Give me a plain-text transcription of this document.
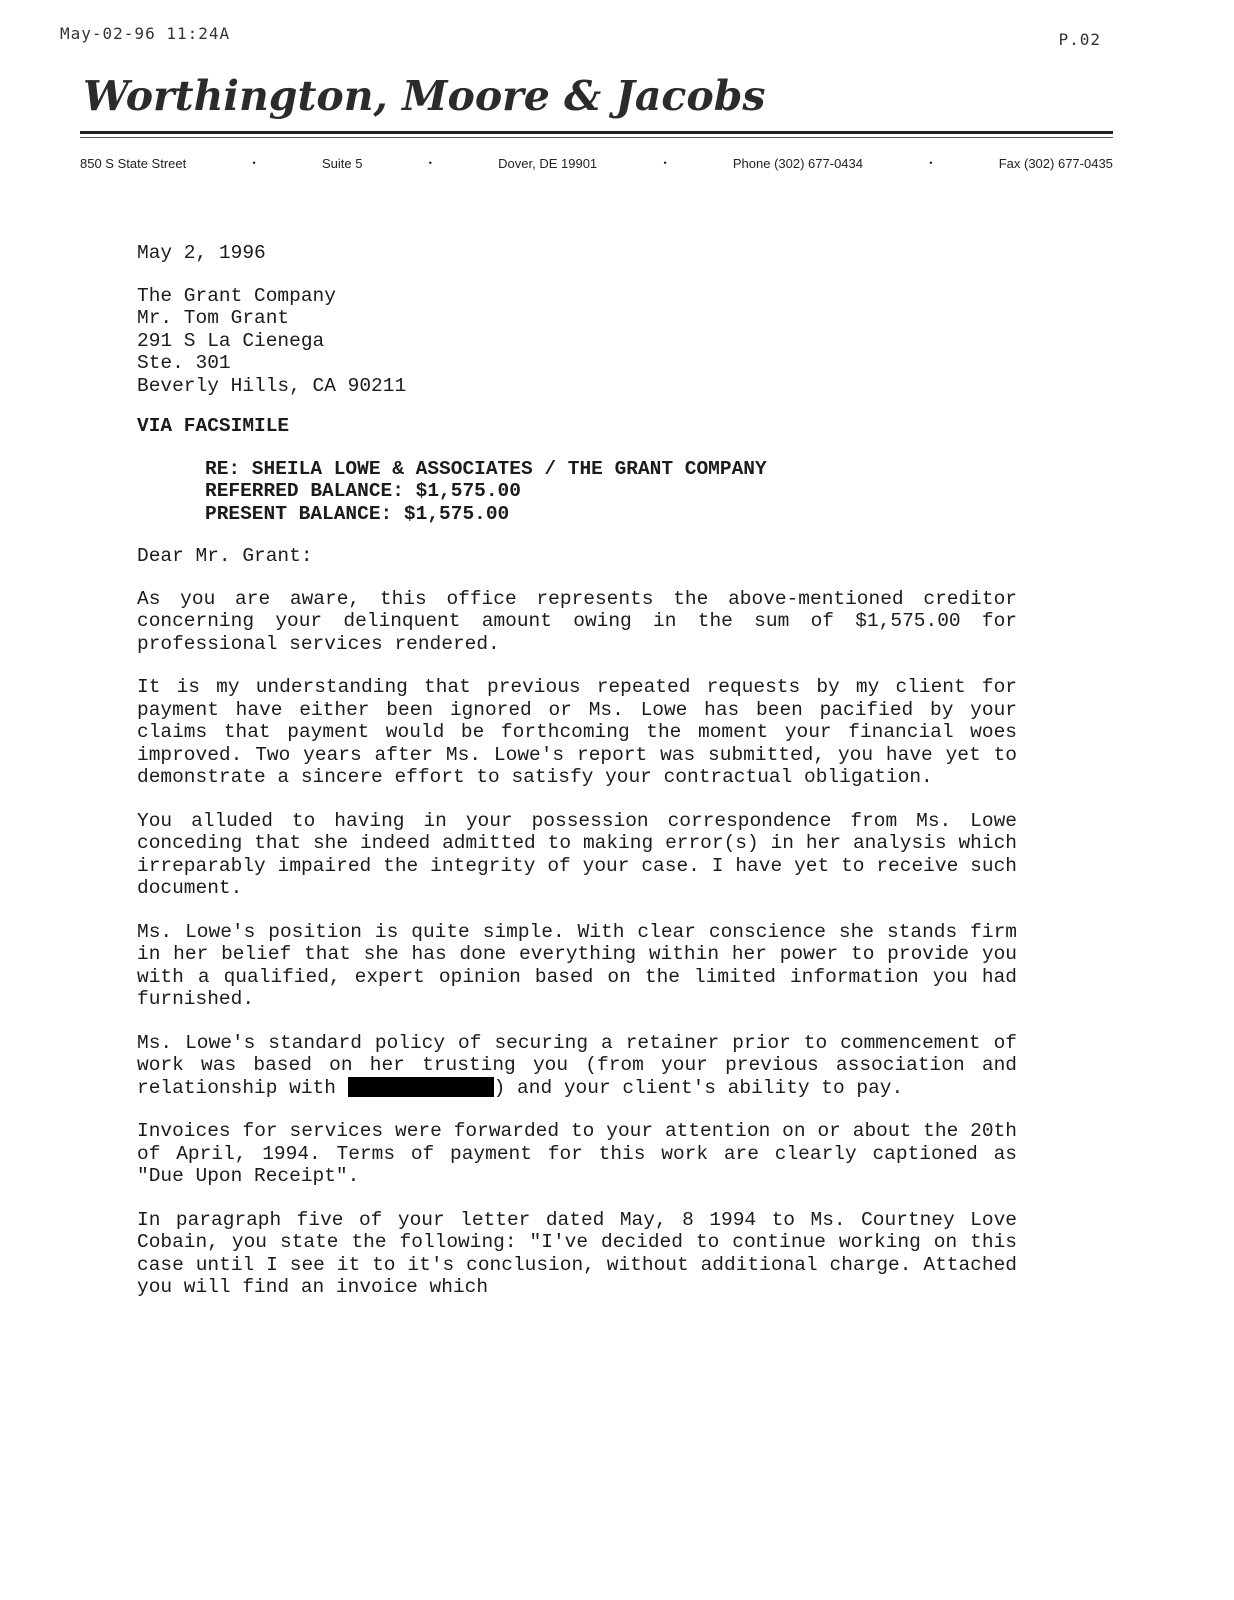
May-02-96 11:24A	P.02
Worthington, Moore & Jacobs
850 S State Street	•	Suite 5	•	Dover, DE 19901	•	Phone (302) 677-0434	•	Fax (302) 677-0435

May 2, 1996

The Grant Company
Mr. Tom Grant
291 S La Cienega
Ste. 301
Beverly Hills, CA 90211

VIA FACSIMILE

RE: SHEILA LOWE & ASSOCIATES / THE GRANT COMPANY
REFERRED BALANCE: $1,575.00
PRESENT BALANCE: $1,575.00

Dear Mr. Grant:

As you are aware, this office represents the above-mentioned creditor concerning your delinquent amount owing in the sum of $1,575.00 for professional services rendered.

It is my understanding that previous repeated requests by my client for payment have either been ignored or Ms. Lowe has been pacified by your claims that payment would be forthcoming the moment your financial woes improved. Two years after Ms. Lowe's report was submitted, you have yet to demonstrate a sincere effort to satisfy your contractual obligation.

You alluded to having in your possession correspondence from Ms. Lowe conceding that she indeed admitted to making error(s) in her analysis which irreparably impaired the integrity of your case. I have yet to receive such document.

Ms. Lowe's position is quite simple. With clear conscience she stands firm in her belief that she has done everything within her power to provide you with a qualified, expert opinion based on the limited information you had furnished.

Ms. Lowe's standard policy of securing a retainer prior to commencement of work was based on her trusting you (from your previous association and relationship with	) and your client's ability to pay.

Invoices for services were forwarded to your attention on or about the 20th of April, 1994. Terms of payment for this work are clearly captioned as "Due Upon Receipt".

In paragraph five of your letter dated May, 8 1994 to Ms. Courtney Love Cobain, you state the following: "I've decided to continue working on this case until I see it to it's conclusion, without additional charge. Attached you will find an invoice which
